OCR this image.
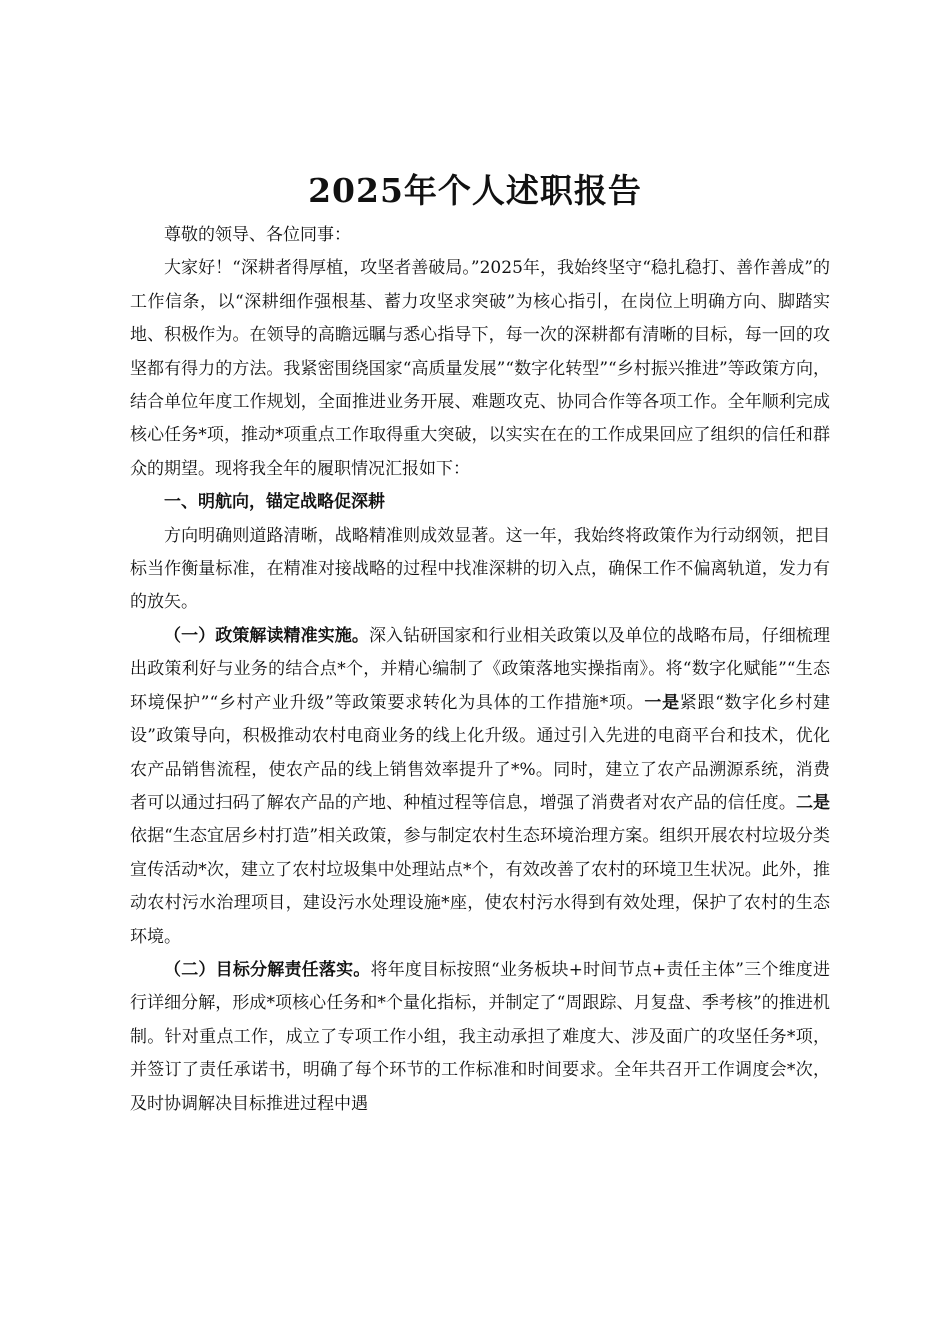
2025年个人述职报告

尊敬的领导、各位同事：

大家好！“深耕者得厚植，攻坚者善破局。”2025年，我始终坚守“稳扎稳打、善作善成”的工作信条，以“深耕细作强根基、蓄力攻坚求突破”为核心指引，在岗位上明确方向、脚踏实地、积极作为。在领导的高瞻远瞩与悉心指导下，每一次的深耕都有清晰的目标，每一回的攻坚都有得力的方法。我紧密围绕国家“高质量发展”“数字化转型”“乡村振兴推进”等政策方向，结合单位年度工作规划，全面推进业务开展、难题攻克、协同合作等各项工作。全年顺利完成核心任务*项，推动*项重点工作取得重大突破，以实实在在的工作成果回应了组织的信任和群众的期望。现将我全年的履职情况汇报如下：

一、明航向，锚定战略促深耕

方向明确则道路清晰，战略精准则成效显著。这一年，我始终将政策作为行动纲领，把目标当作衡量标准，在精准对接战略的过程中找准深耕的切入点，确保工作不偏离轨道，发力有的放矢。

（一）政策解读精准实施。深入钻研国家和行业相关政策以及单位的战略布局，仔细梳理出政策利好与业务的结合点*个，并精心编制了《政策落地实操指南》。将“数字化赋能”“生态环境保护”“乡村产业升级”等政策要求转化为具体的工作措施*项。一是紧跟“数字化乡村建设”政策导向，积极推动农村电商业务的线上化升级。通过引入先进的电商平台和技术，优化农产品销售流程，使农产品的线上销售效率提升了*%。同时，建立了农产品溯源系统，消费者可以通过扫码了解农产品的产地、种植过程等信息，增强了消费者对农产品的信任度。二是依据“生态宜居乡村打造”相关政策，参与制定农村生态环境治理方案。组织开展农村垃圾分类宣传活动*次，建立了农村垃圾集中处理站点*个，有效改善了农村的环境卫生状况。此外，推动农村污水治理项目，建设污水处理设施*座，使农村污水得到有效处理，保护了农村的生态环境。

（二）目标分解责任落实。将年度目标按照“业务板块+时间节点+责任主体”三个维度进行详细分解，形成*项核心任务和*个量化指标，并制定了“周跟踪、月复盘、季考核”的推进机制。针对重点工作，成立了专项工作小组，我主动承担了难度大、涉及面广的攻坚任务*项，并签订了责任承诺书，明确了每个环节的工作标准和时间要求。全年共召开工作调度会*次，及时协调解决目标推进过程中遇
